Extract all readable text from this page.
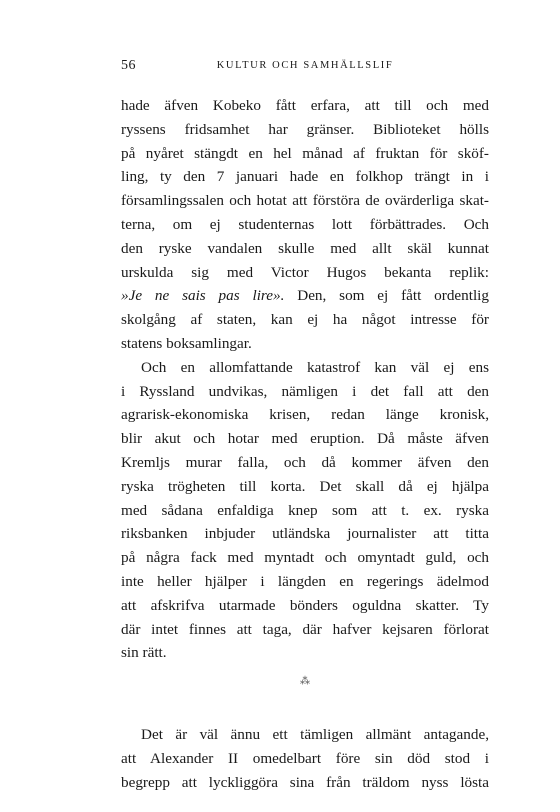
56	KULTUR OCH SAMHÄLLSLIF
hade äfven Kobeko fått erfara, att till och med
ryssens fridsamhet har gränser. Biblioteket hölls
på nyåret stängdt en hel månad af fruktan för sköf-
ling, ty den 7 januari hade en folkhop trängt in i
församlingssalen och hotat att förstöra de ovärderliga skat-
terna, om ej studenternas lott förbättrades. Och
den ryske vandalen skulle med allt skäl kunnat
urskulda sig med Victor Hugos bekanta replik:
»Je ne sais pas lire». Den, som ej fått ordentlig
skolgång af staten, kan ej ha något intresse för
statens boksamlingar.
Och en allomfattande katastrof kan väl ej ens
i Ryssland undvikas, nämligen i det fall att den
agrarisk-ekonomiska krisen, redan länge kronisk,
blir akut och hotar med eruption. Då måste äfven
Kremljs murar falla, och då kommer äfven den
ryska trögheten till korta. Det skall då ej hjälpa
med sådana enfaldiga knep som att t. ex. ryska
riksbanken inbjuder utländska journalister att titta
på några fack med myntadt och omyntadt guld, och
inte heller hjälper i längden en regerings ädelmod
att afskrifva utarmade bönders oguldna skatter. Ty
där intet finnes att taga, där hafver kejsaren förlorat
sin rätt.
⁂
Det är väl ännu ett tämligen allmänt antagande,
att Alexander II omedelbart före sin död stod i
begrepp att lyckliggöra sina från träldom nyss lösta
